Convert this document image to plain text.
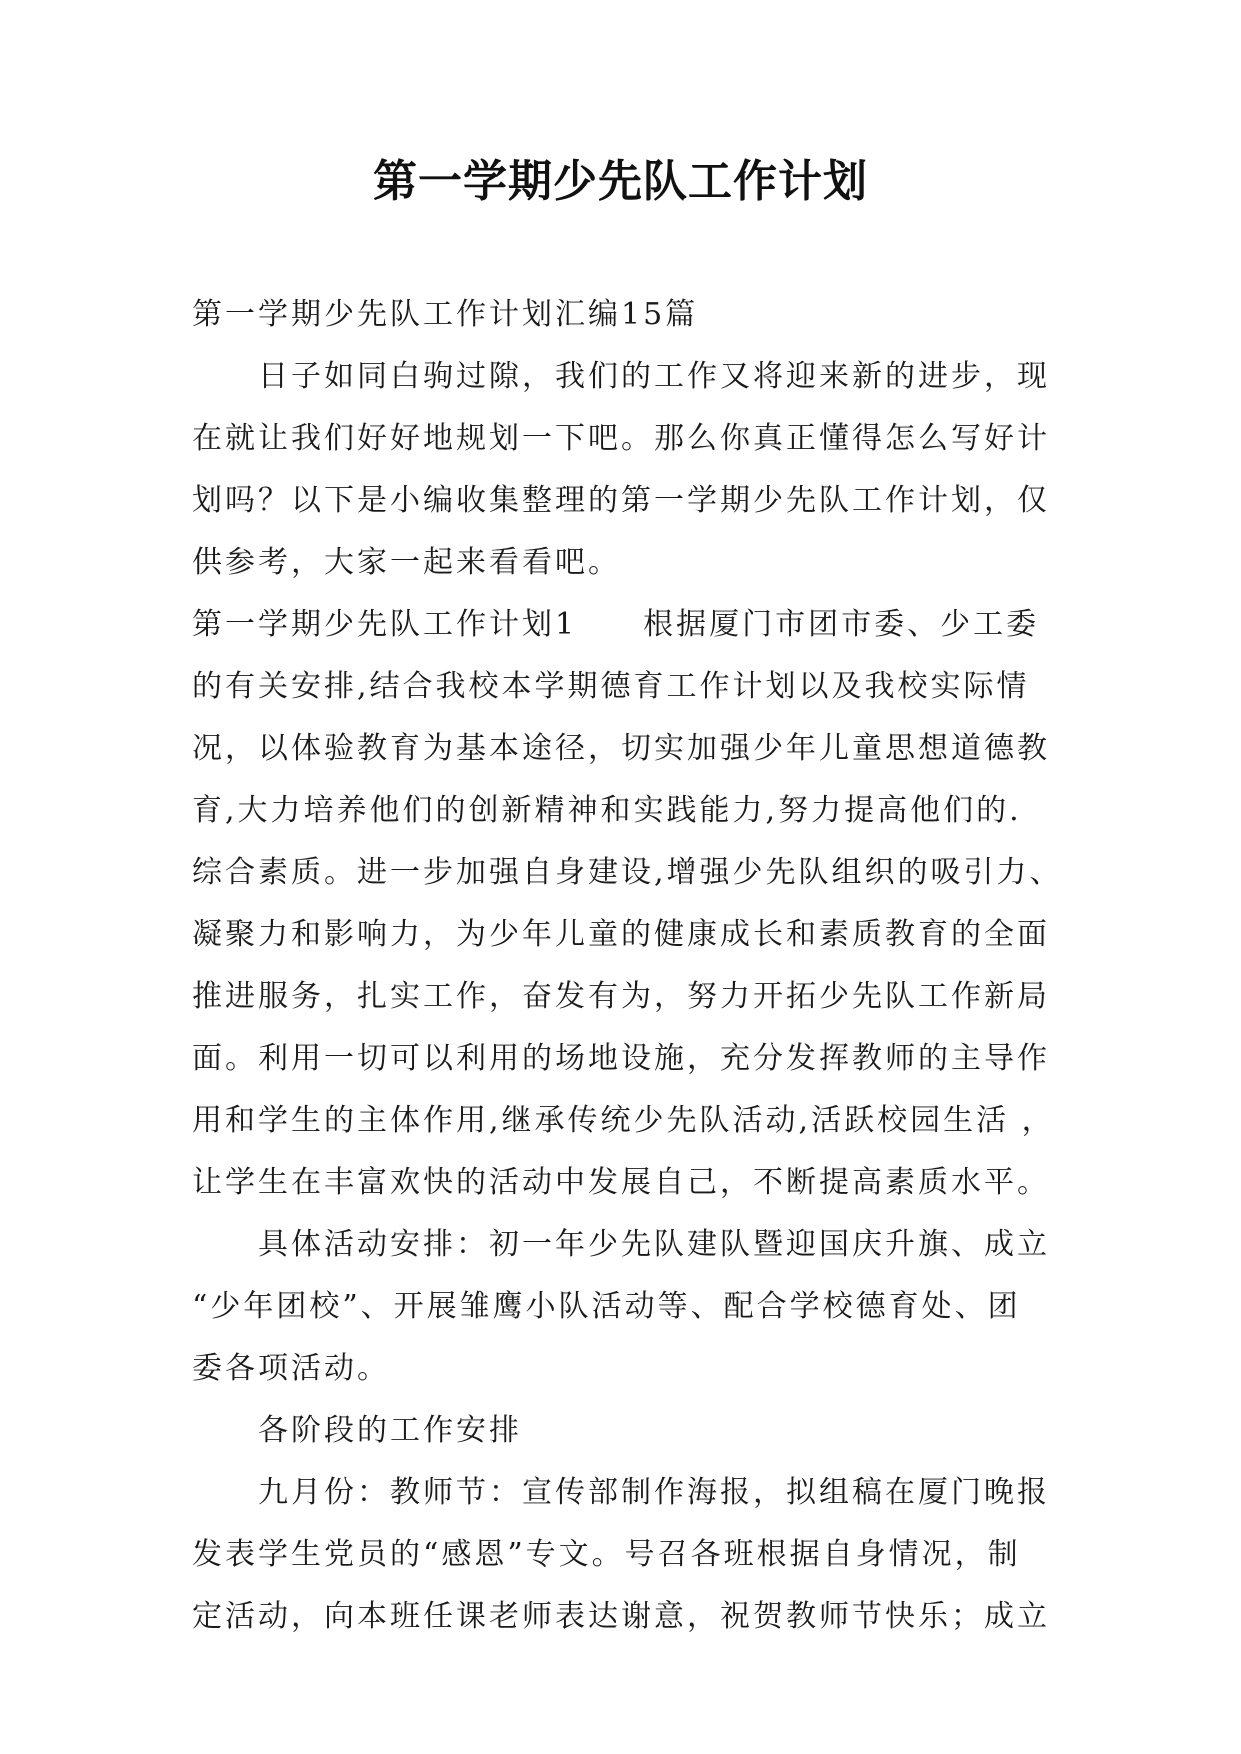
第一学期少先队工作计划
第一学期少先队工作计划汇编15篇
日子如同白驹过隙，我们的工作又将迎来新的进步，现
在就让我们好好地规划一下吧。那么你真正懂得怎么写好计
划吗？以下是小编收集整理的第一学期少先队工作计划，仅
供参考，大家一起来看看吧。
第一学期少先队工作计划1　　根据厦门市团市委、少工委
的有关安排,结合我校本学期德育工作计划以及我校实际情
况，以体验教育为基本途径，切实加强少年儿童思想道德教
育,大力培养他们的创新精神和实践能力,努力提高他们的.
综合素质。进一步加强自身建设,增强少先队组织的吸引力、
凝聚力和影响力，为少年儿童的健康成长和素质教育的全面
推进服务，扎实工作，奋发有为，努力开拓少先队工作新局
面。利用一切可以利用的场地设施，充分发挥教师的主导作
用和学生的主体作用,继承传统少先队活动,活跃校园生活 ，
让学生在丰富欢快的活动中发展自己，不断提高素质水平。
具体活动安排：初一年少先队建队暨迎国庆升旗、成立
“少年团校”、开展雏鹰小队活动等、配合学校德育处、团
委各项活动。
各阶段的工作安排
九月份：教师节：宣传部制作海报，拟组稿在厦门晚报
发表学生党员的“感恩”专文。号召各班根据自身情况，制
定活动，向本班任课老师表达谢意，祝贺教师节快乐；成立
